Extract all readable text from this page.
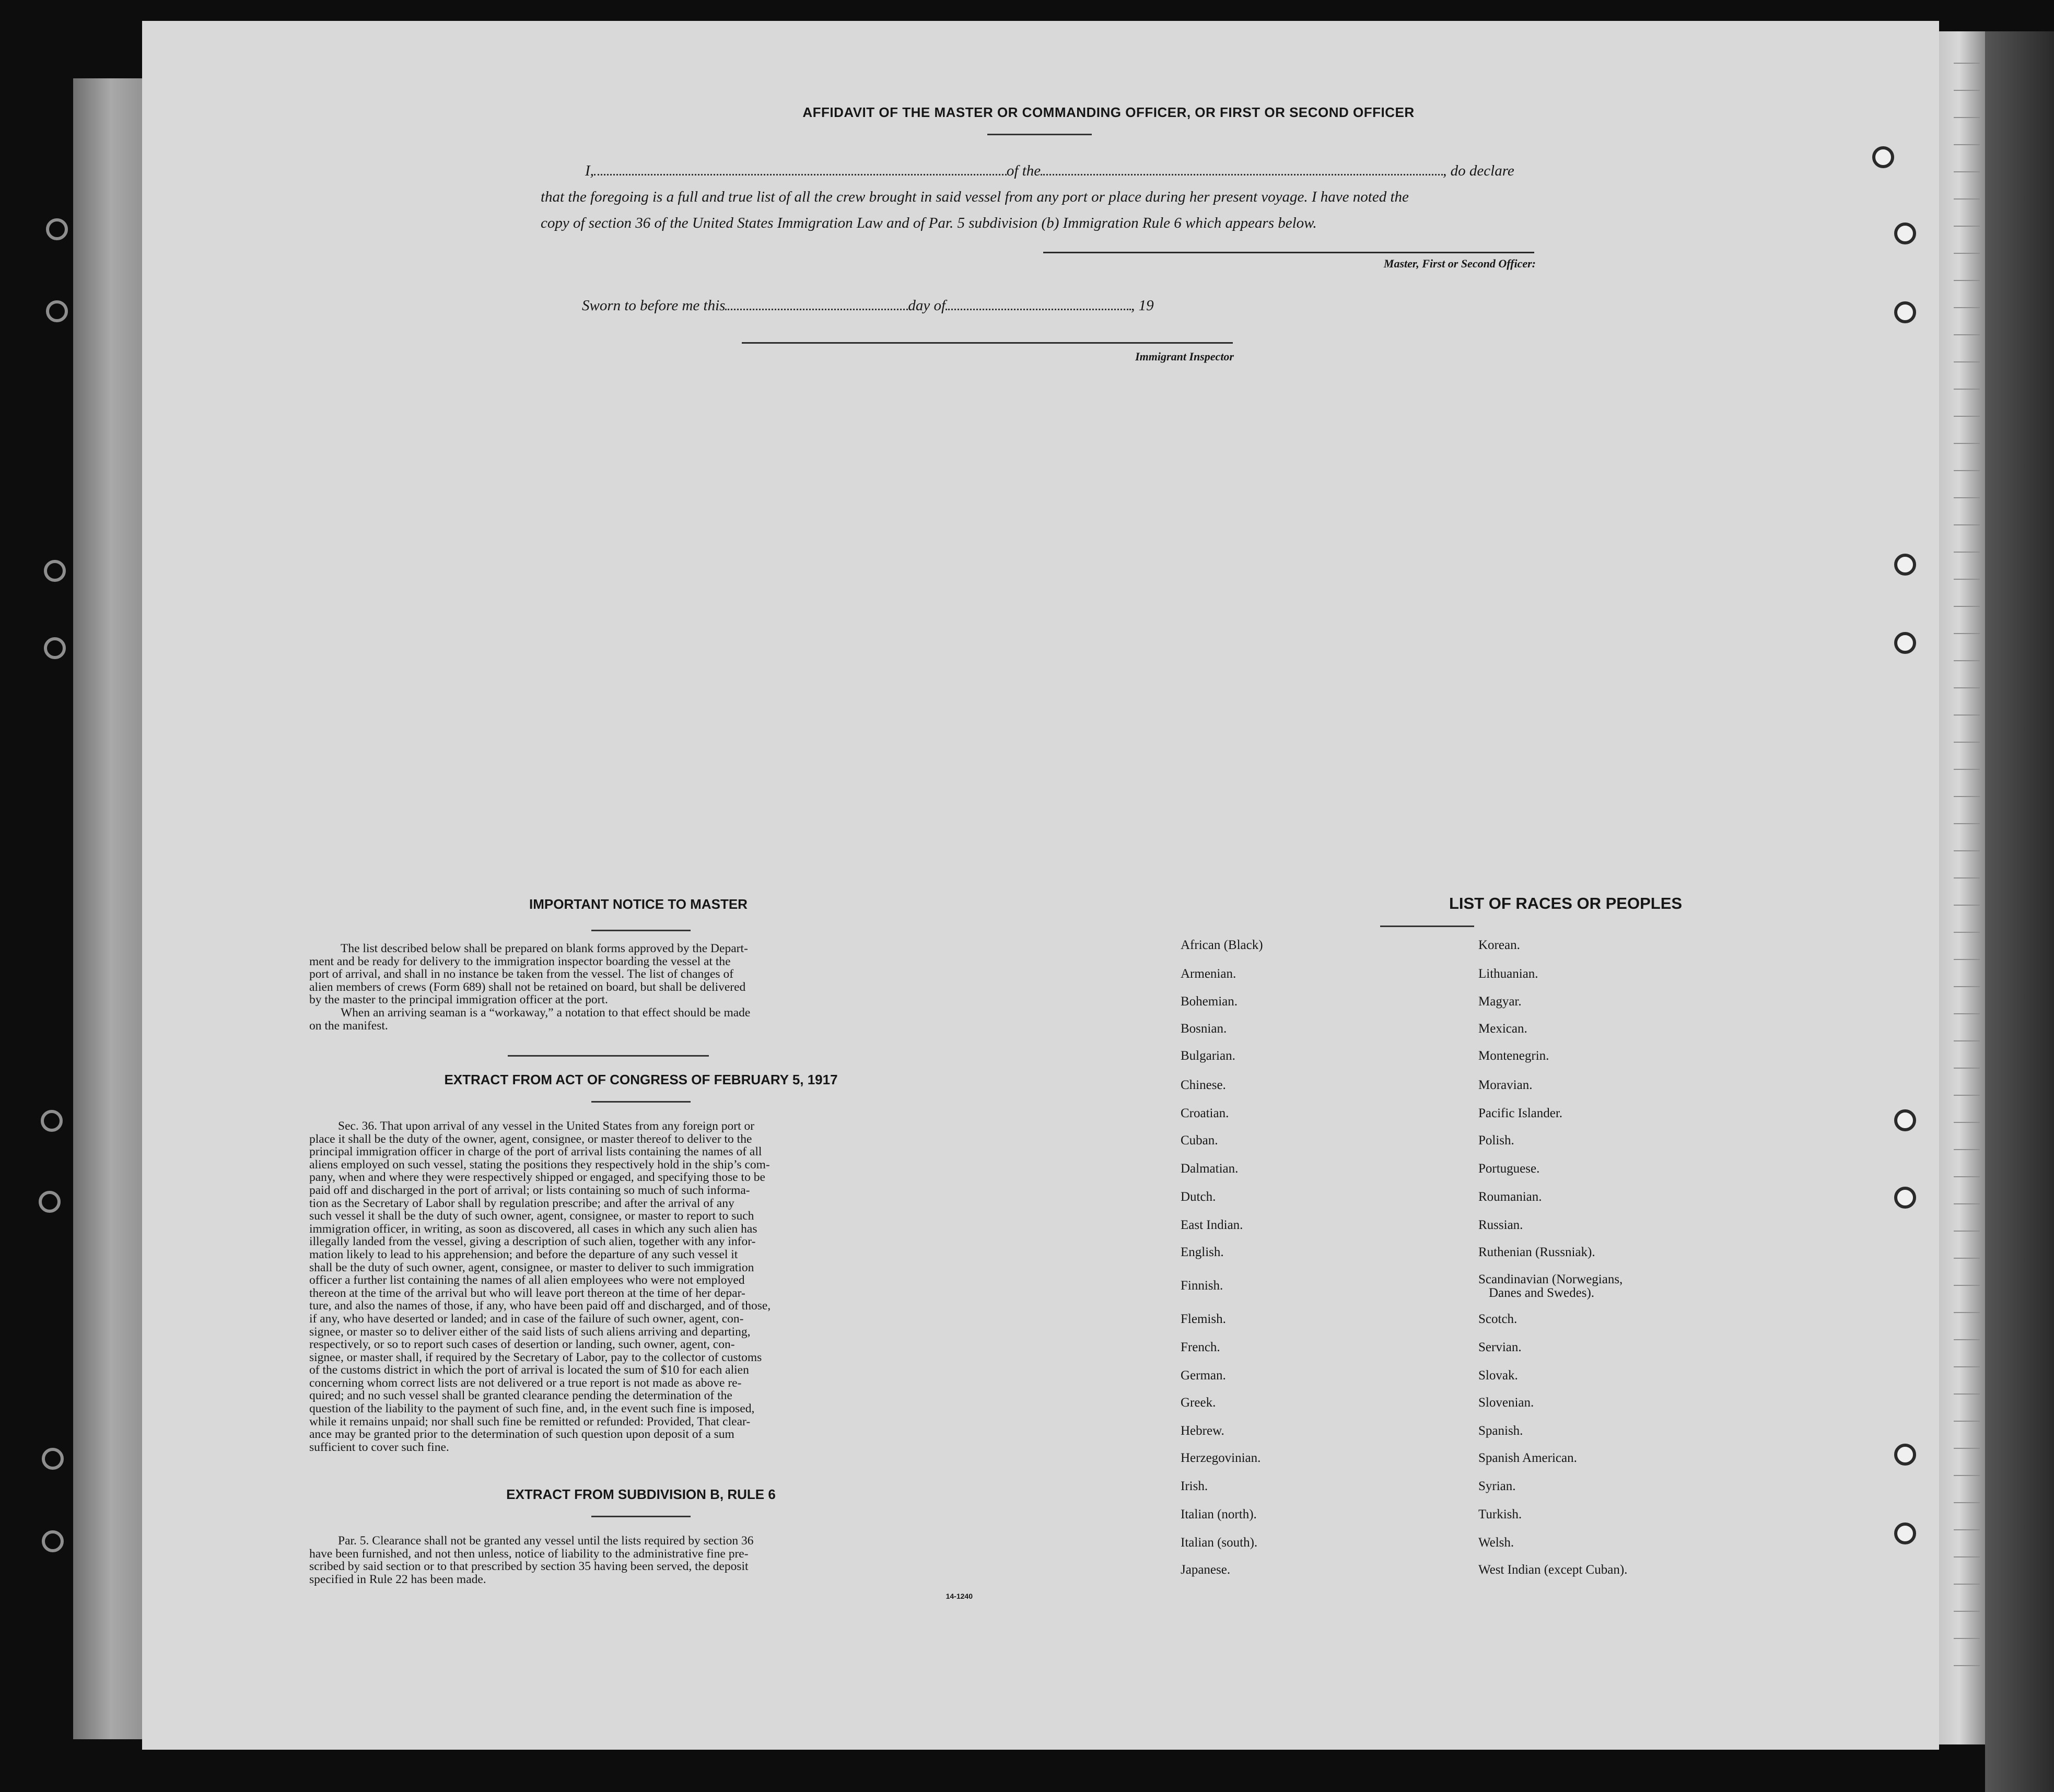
AFFIDAVIT OF THE MASTER OR COMMANDING OFFICER, OR FIRST OR SECOND OFFICER
I,	of the	, do declare
that the foregoing is a full and true list of all the crew brought in said vessel from any port or place during her present voyage. I have noted the
copy of section 36 of the United States Immigration Law and of Par. 5 subdivision (b) Immigration Rule 6 which appears below.
Master, First or Second Officer:
Sworn to before me this	day of	, 19
Immigrant Inspector
IMPORTANT NOTICE TO MASTER
The list described below shall be prepared on blank forms approved by the Depart-
ment and be ready for delivery to the immigration inspector boarding the vessel at the
port of arrival, and shall in no instance be taken from the vessel. The list of changes of
alien members of crews (Form 689) shall not be retained on board, but shall be delivered
by the master to the principal immigration officer at the port.
When an arriving seaman is a “workaway,” a notation to that effect should be made
on the manifest.
EXTRACT FROM ACT OF CONGRESS OF FEBRUARY 5, 1917
Sec. 36. That upon arrival of any vessel in the United States from any foreign port or
place it shall be the duty of the owner, agent, consignee, or master thereof to deliver to the
principal immigration officer in charge of the port of arrival lists containing the names of all
aliens employed on such vessel, stating the positions they respectively hold in the ship’s com-
pany, when and where they were respectively shipped or engaged, and specifying those to be
paid off and discharged in the port of arrival; or lists containing so much of such informa-
tion as the Secretary of Labor shall by regulation prescribe; and after the arrival of any
such vessel it shall be the duty of such owner, agent, consignee, or master to report to such
immigration officer, in writing, as soon as discovered, all cases in which any such alien has
illegally landed from the vessel, giving a description of such alien, together with any infor-
mation likely to lead to his apprehension; and before the departure of any such vessel it
shall be the duty of such owner, agent, consignee, or master to deliver to such immigration
officer a further list containing the names of all alien employees who were not employed
thereon at the time of the arrival but who will leave port thereon at the time of her depar-
ture, and also the names of those, if any, who have been paid off and discharged, and of those,
if any, who have deserted or landed; and in case of the failure of such owner, agent, con-
signee, or master so to deliver either of the said lists of such aliens arriving and departing,
respectively, or so to report such cases of desertion or landing, such owner, agent, con-
signee, or master shall, if required by the Secretary of Labor, pay to the collector of customs
of the customs district in which the port of arrival is located the sum of $10 for each alien
concerning whom correct lists are not delivered or a true report is not made as above re-
quired; and no such vessel shall be granted clearance pending the determination of the
question of the liability to the payment of such fine, and, in the event such fine is imposed,
while it remains unpaid; nor shall such fine be remitted or refunded: Provided, That clear-
ance may be granted prior to the determination of such question upon deposit of a sum
sufficient to cover such fine.
EXTRACT FROM SUBDIVISION B, RULE 6
Par. 5. Clearance shall not be granted any vessel until the lists required by section 36
have been furnished, and not then unless, notice of liability to the administrative fine pre-
scribed by said section or to that prescribed by section 35 having been served, the deposit
specified in Rule 22 has been made.
14-1240
LIST OF RACES OR PEOPLES
African (Black)
Armenian.
Bohemian.
Bosnian.
Bulgarian.
Chinese.
Croatian.
Cuban.
Dalmatian.
Dutch.
East Indian.
English.
Finnish.
Flemish.
French.
German.
Greek.
Hebrew.
Herzegovinian.
Irish.
Italian (north).
Italian (south).
Japanese.
Korean.
Lithuanian.
Magyar.
Mexican.
Montenegrin.
Moravian.
Pacific Islander.
Polish.
Portuguese.
Roumanian.
Russian.
Ruthenian (Russniak).
Scandinavian (Norwegians,
Danes and Swedes).
Scotch.
Servian.
Slovak.
Slovenian.
Spanish.
Spanish American.
Syrian.
Turkish.
Welsh.
West Indian (except Cuban).
